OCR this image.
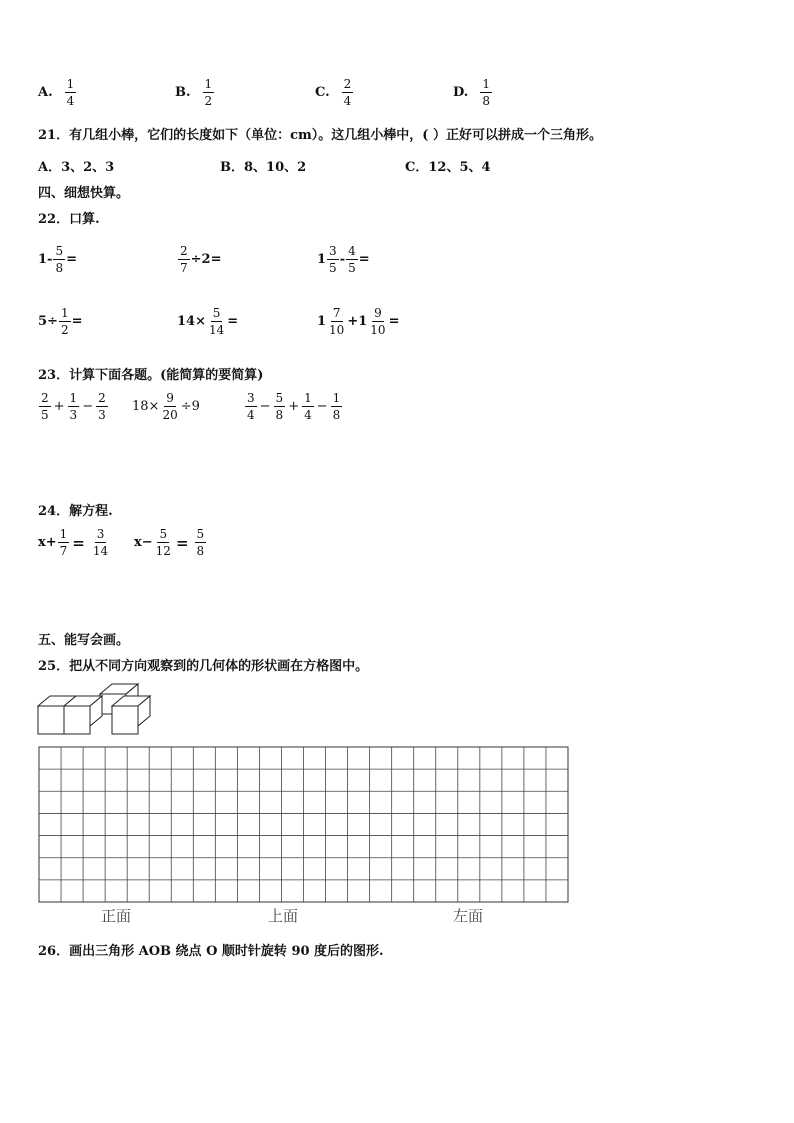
A. $\frac{1}{4}$	B. $\frac{1}{2}$	C. $\frac{2}{4}$	D. $\frac{1}{8}$
21．有几组小棒，它们的长度如下（单位：cm）。这几组小棒中，( ）正好可以拼成一个三角形。
A．3、2、3	B．8、10、2	C．12、5、4
四、细想快算。
22．口算.
$1- \frac{5}{8}$ =	$\frac{2}{7} \div 2=$	$1 \frac{3}{5} - \frac{4}{5}$ =
$5\div \frac{1}{2}$ =	$14\times \frac{5}{14}$ =	$1 \frac{7}{10} +1 \frac{9}{10}$ =
23．计算下面各题。(能简算的要简算)
$\frac{2}{5} + \frac{1}{3} - \frac{2}{3} 18\times \frac{9}{20} \div 9$	$\frac{3}{4} - \frac{5}{8} + \frac{1}{4} - \frac{1}{8}$
24．解方程.
$x+ \frac{1}{7} = \frac{3}{14} x- \frac{5}{12} = \frac{5}{8}$
五、能写会画。
25．把从不同方向观察到的几何体的形状画在方格图中。
正面	上面	左面
26．画出三角形 AOB 绕点 O 顺时针旋转 90 度后的图形.
